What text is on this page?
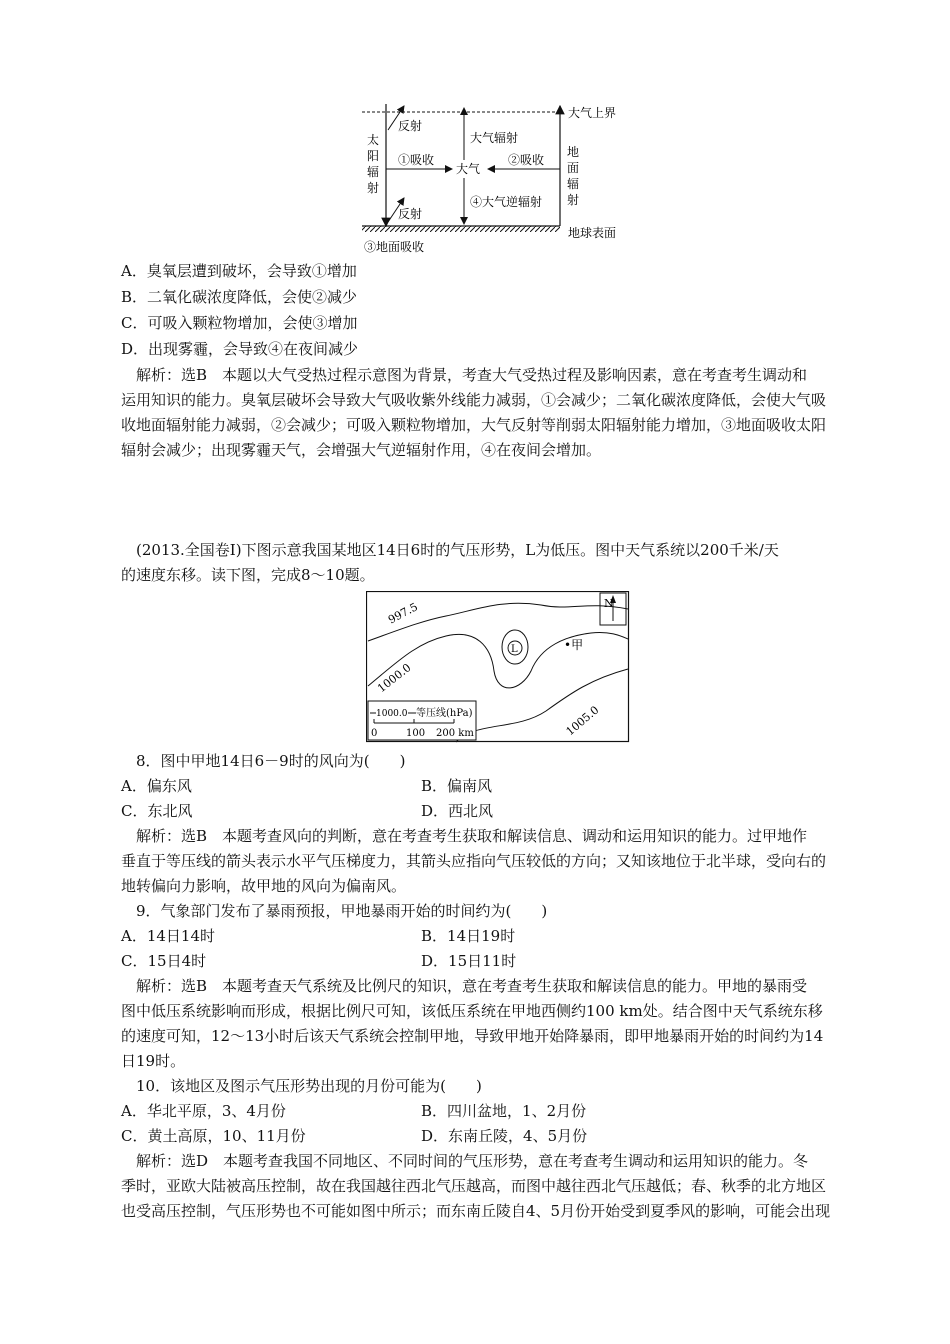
大气上界
地球表面
太阳辐射
反射
反射
①吸收
大气
②吸收
地面辐射
大气辐射
④大气逆辐射
③地面吸收
A．臭氧层遭到破坏，会导致①增加
B．二氧化碳浓度降低，会使②减少
C．可吸入颗粒物增加，会使③增加
D．出现雾霾，会导致④在夜间减少
解析：选B　本题以大气受热过程示意图为背景，考查大气受热过程及影响因素，意在考查考生调动和
运用知识的能力。臭氧层破坏会导致大气吸收紫外线能力减弱，①会减少；二氧化碳浓度降低，会使大气吸
收地面辐射能力减弱，②会减少；可吸入颗粒物增加，大气反射等削弱太阳辐射能力增加，③地面吸收太阳
辐射会减少；出现雾霾天气，会增强大气逆辐射作用，④在夜间会增加。
(2013.全国卷Ⅰ)下图示意我国某地区14日6时的气压形势，L为低压。图中天气系统以200千米/天
的速度东移。读下图，完成8～10题。
N
997.5
1000.0
L	•甲
1005.0
1000.0 等压线(hPa)
0	100 200 km
8．图中甲地14日6－9时的风向为(　　)
A．偏东风	B．偏南风
C．东北风	D．西北风
解析：选B　本题考查风向的判断，意在考查考生获取和解读信息、调动和运用知识的能力。过甲地作
垂直于等压线的箭头表示水平气压梯度力，其箭头应指向气压较低的方向；又知该地位于北半球，受向右的
地转偏向力影响，故甲地的风向为偏南风。
9．气象部门发布了暴雨预报，甲地暴雨开始的时间约为(　　)
A．14日14时	B．14日19时
C．15日4时	D．15日11时
解析：选B　本题考查天气系统及比例尺的知识，意在考查考生获取和解读信息的能力。甲地的暴雨受
图中低压系统影响而形成，根据比例尺可知，该低压系统在甲地西侧约100 km处。结合图中天气系统东移
的速度可知，12～13小时后该天气系统会控制甲地，导致甲地开始降暴雨，即甲地暴雨开始的时间约为14
日19时。
10．该地区及图示气压形势出现的月份可能为(　　)
A．华北平原，3、4月份	B．四川盆地，1、2月份
C．黄土高原，10、11月份	D．东南丘陵，4、5月份
解析：选D　本题考查我国不同地区、不同时间的气压形势，意在考查考生调动和运用知识的能力。冬
季时，亚欧大陆被高压控制，故在我国越往西北气压越高，而图中越往西北气压越低；春、秋季的北方地区
也受高压控制，气压形势也不可能如图中所示；而东南丘陵自4、5月份开始受到夏季风的影响，可能会出现
